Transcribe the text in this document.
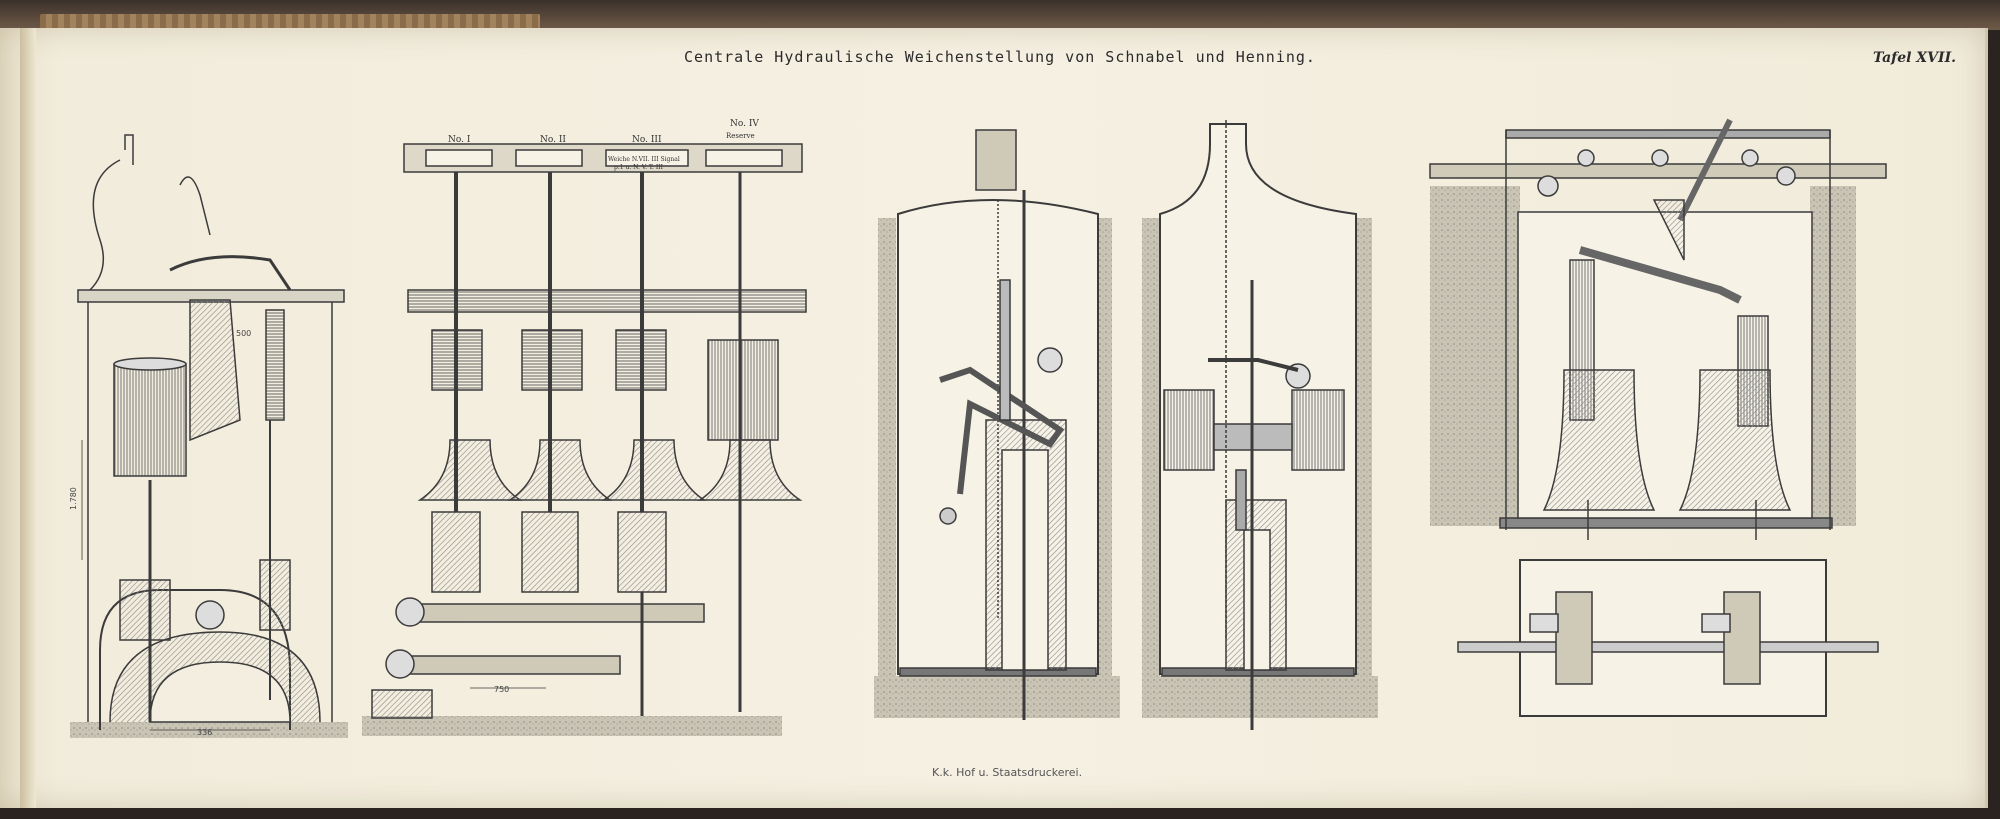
Centrale Hydraulische Weichenstellung von Schnabel und Henning.	Tafel XVII.
K.k. Hof u. Staatsdruckerei.
336
1.780
500
No. I	No. II	No. III
No. IV
Reserve
Weiche N.VII. III Signal
p.1 u. N. V. T. III
750
